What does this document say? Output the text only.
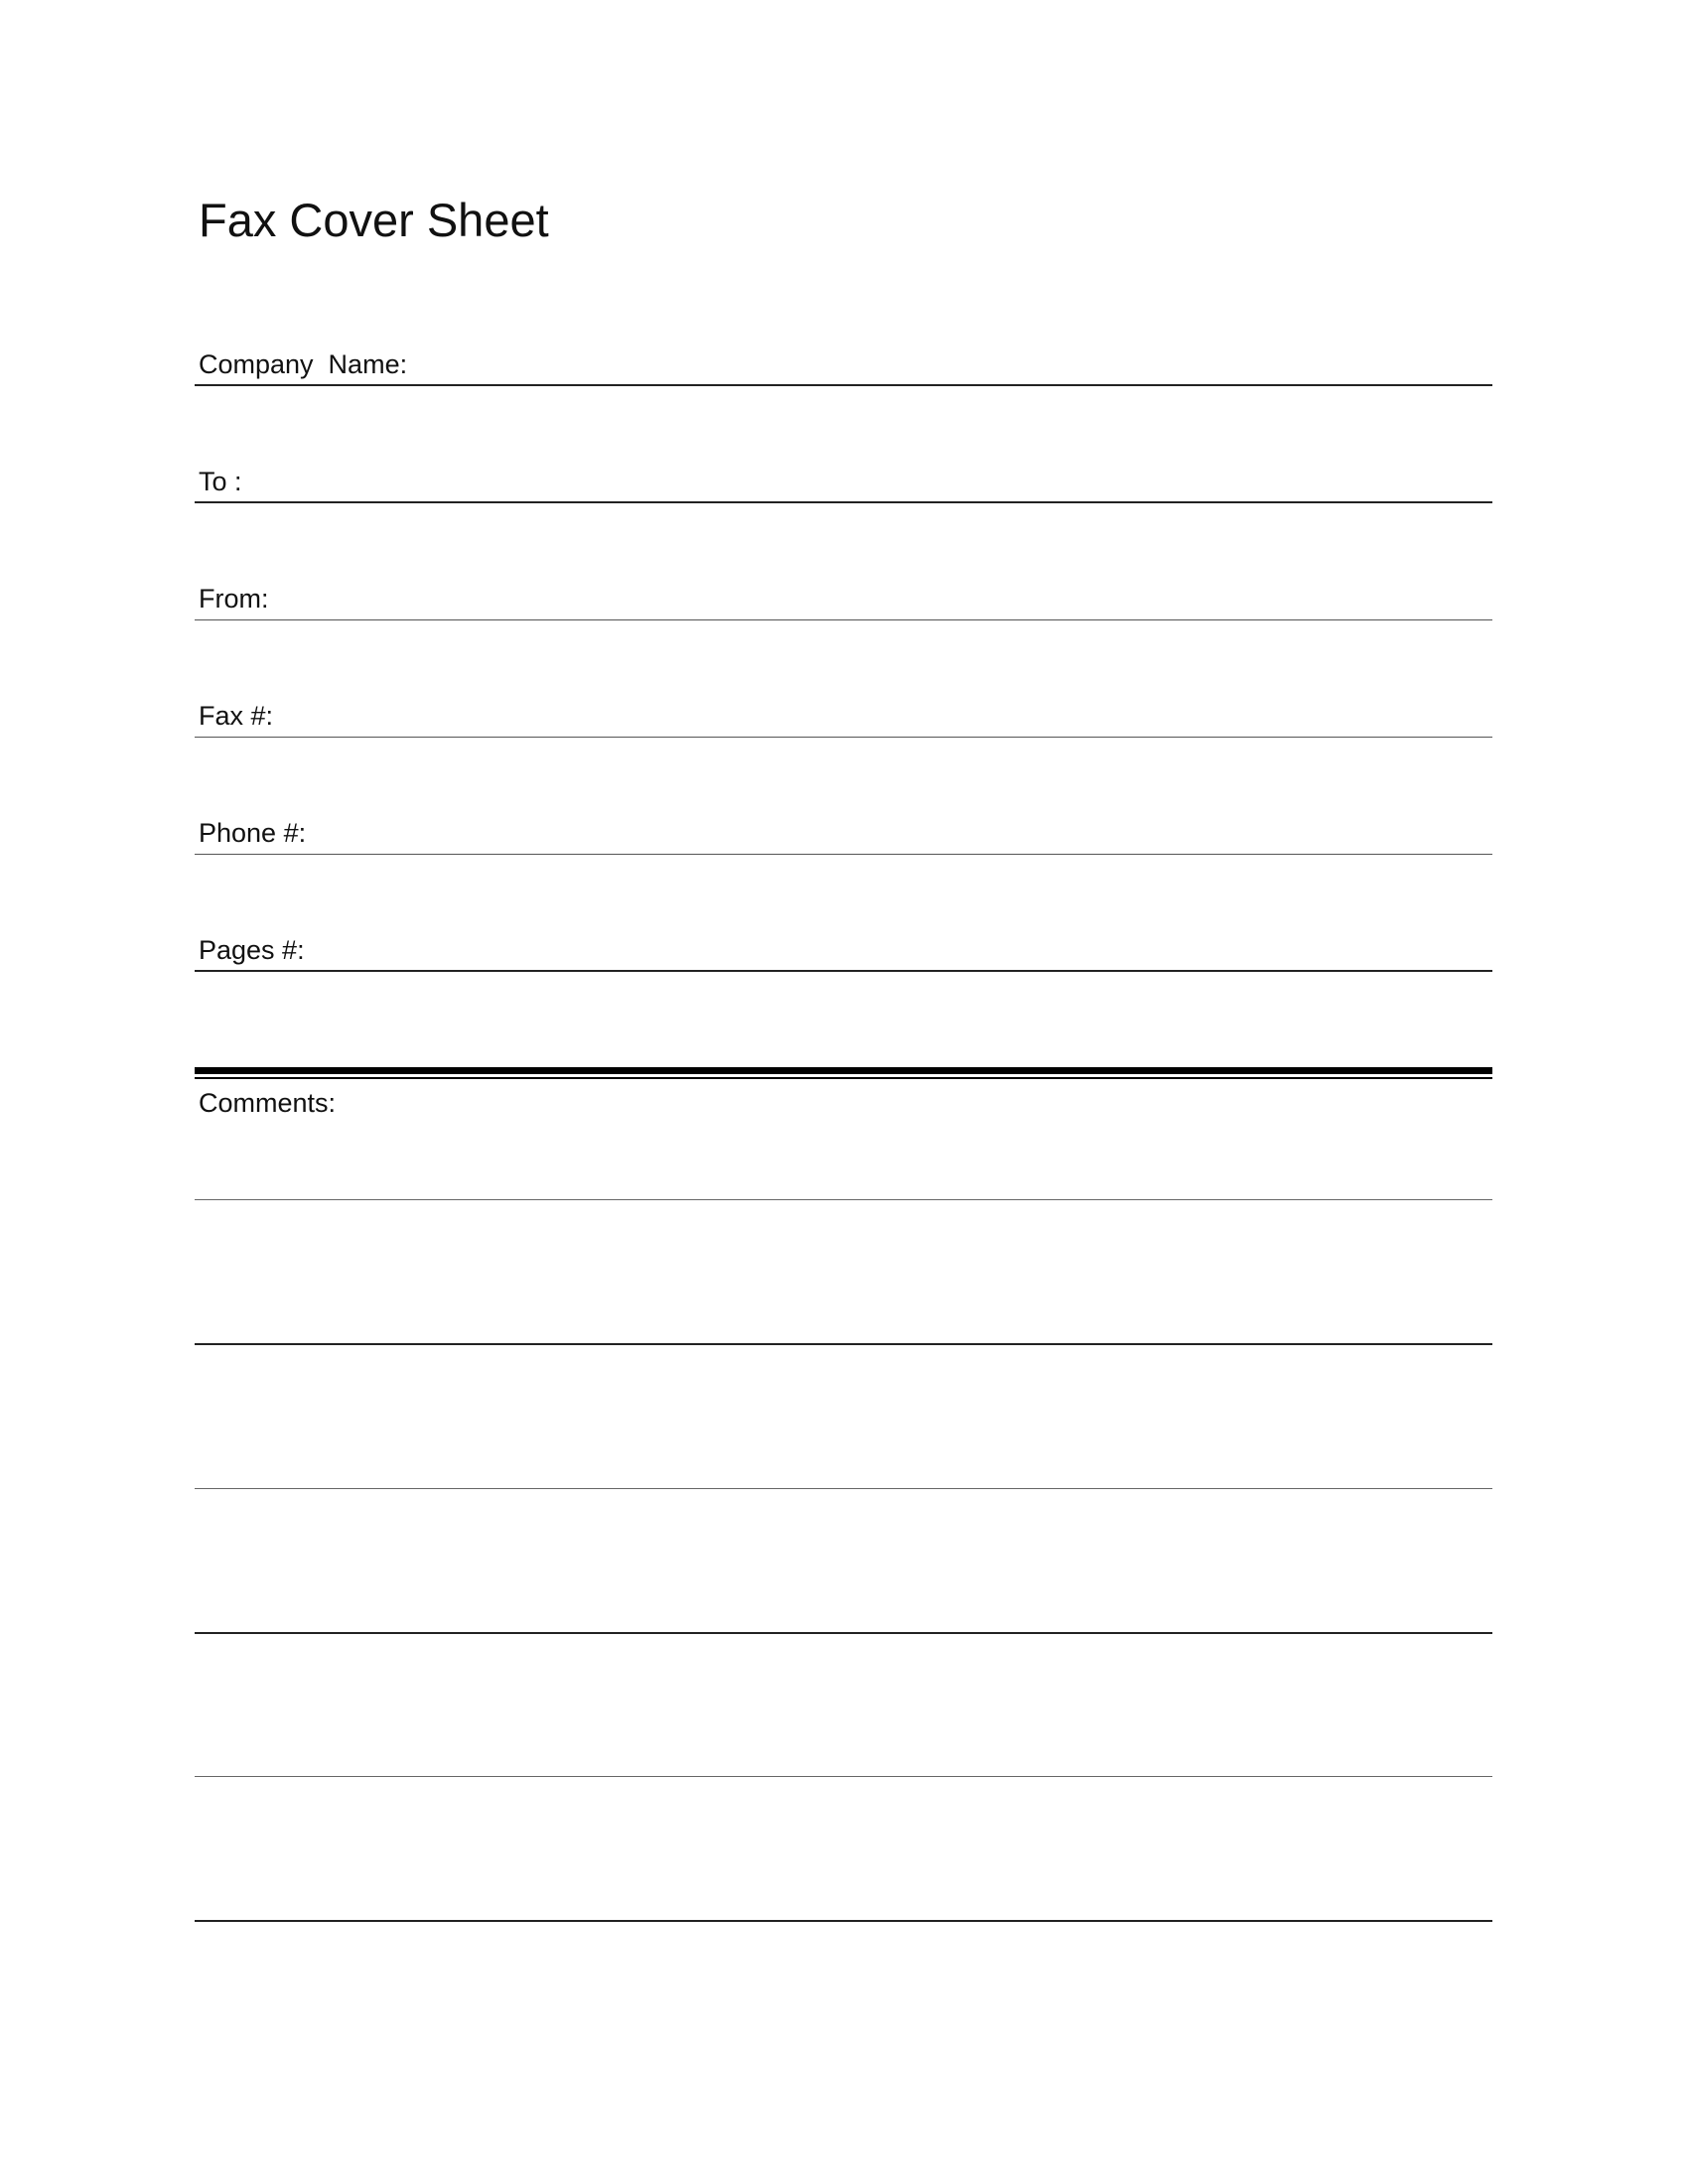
Fax Cover Sheet
Company  Name:
To :
From:
Fax #:
Phone #:
Pages #:
Comments:
